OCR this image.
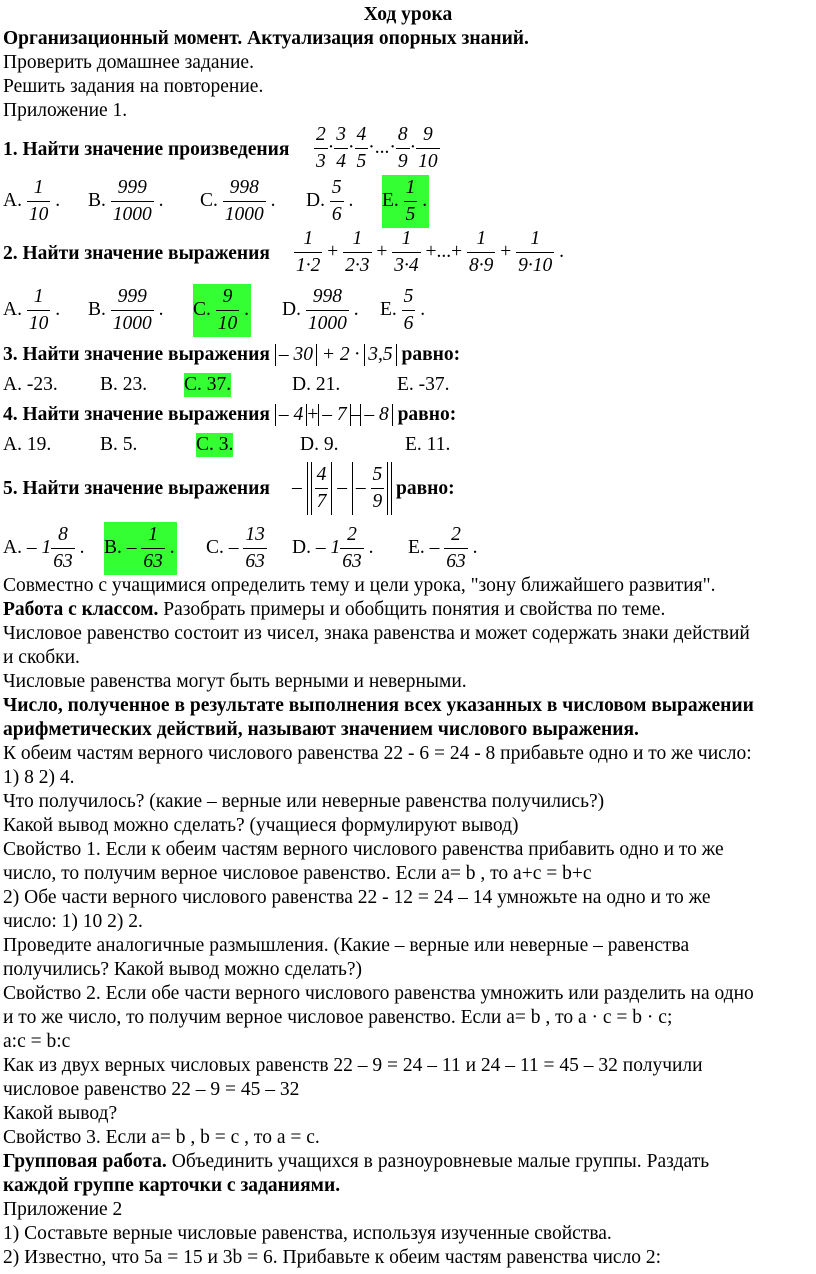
Ход урока
Организационный момент. Актуализация опорных знаний.
Проверить домашнее задание.
Решить задания на повторение.
Приложение 1.
1. Найти значение произведения $\frac{2}{3} \cdot \frac{3}{4} \cdot \frac{4}{5}$ ·...· $\frac{8}{9} \cdot \frac{9}{10}$
A. $\frac{1}{10}$ . B. $\frac{999}{1000}$ . C. $\frac{998}{1000}$ . D. $\frac{5}{6}$ . E. $\frac{1}{5}$ .
2. Найти значение выражения $\frac{1}{1\cdot 2} + \frac{1}{2\cdot 3} + \frac{1}{3\cdot 4}$ +...+ $\frac{1}{8\cdot 9} + \frac{1}{9\cdot 10}$ .
A. $\frac{1}{10}$ . B. $\frac{999}{1000}$ . C. $\frac{9}{10}$ . D. $\frac{998}{1000}$ . E. $\frac{5}{6}$ .
3. Найти значение выражения – 30 + 2 · 3,5 равно:
A. -23. B. 23. C. 37.	D. 21.	E. -37.
4. Найти значение выражения – 4 + – 7 – – 8 равно:
A. 19.	B. 5.	C. 3.	D. 9.	E. 11.
5. Найти значение выражения – $\frac{4}{7}$ – – $\frac{5}{9}$ равно:
A. – $1 \frac{8}{63}$ . B. – $\frac{1}{63}$ . C. – $\frac{13}{63} D$. – $1 \frac{2}{63}$ . E. – $\frac{2}{63}$ .
Совместно с учащимися определить тему и цели урока, "зону ближайшего развития".
Работа с классом. Разобрать примеры и обобщить понятия и свойства по теме.
Числовое равенство состоит из чисел, знака равенства и может содержать знаки действий
и скобки.
Числовые равенства могут быть верными и неверными.
Число, полученное в результате выполнения всех указанных в числовом выражении
арифметических действий, называют значением числового выражения.
К обеим частям верного числового равенства 22 - 6 = 24 - 8 прибавьте одно и то же число:
1) 8 2) 4.
Что получилось? (какие – верные или неверные равенства получились?)
Какой вывод можно сделать? (учащиеся формулируют вывод)
Свойство 1. Если к обеим частям верного числового равенства прибавить одно и то же
число, то получим верное числовое равенство. Если a= b , то a+c = b+c
2) Обе части верного числового равенства 22 - 12 = 24 – 14 умножьте на одно и то же
число: 1) 10 2) 2.
Проведите аналогичные размышления. (Какие – верные или неверные – равенства
получились? Какой вывод можно сделать?)
Свойство 2. Если обе части верного числового равенства умножить или разделить на одно
и то же число, то получим верное числовое равенство. Если a= b , то a · c = b · c;
a:c = b:c
Как из двух верных числовых равенств 22 – 9 = 24 – 11 и 24 – 11 = 45 – 32 получили
числовое равенство 22 – 9 = 45 – 32
Какой вывод?
Свойство 3. Если a= b , b = c , то a = c.
Групповая работа. Объединить учащихся в разноуровневые малые группы. Раздать
каждой группе карточки с заданиями.
Приложение 2
1) Составьте верные числовые равенства, используя изученные свойства.
2) Известно, что 5a = 15 и 3b = 6. Прибавьте к обеим частям равенства число 2:
